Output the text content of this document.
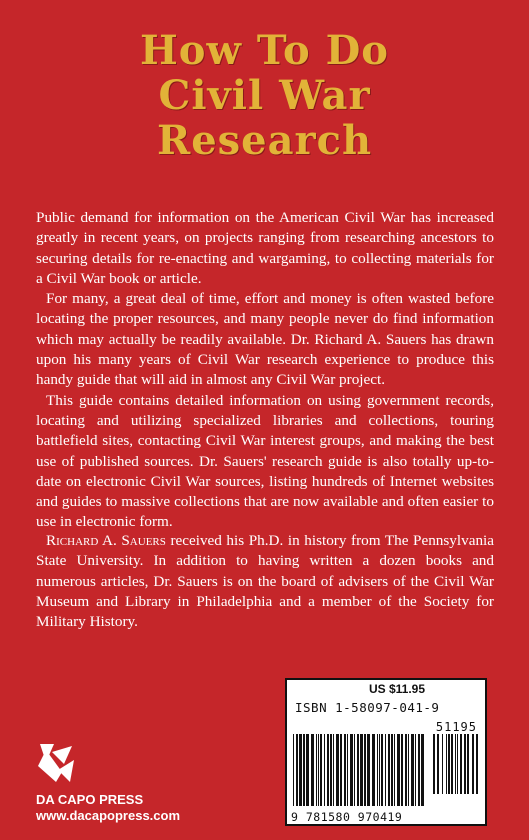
How To Do
Civil War
Research

Public demand for information on the American Civil War has increased greatly in recent years, on projects ranging from researching ancestors to securing details for re-enacting and wargaming, to collecting materials for a Civil War book or article.

For many, a great deal of time, effort and money is often wasted before locating the proper resources, and many people never do find information which may actually be readily available. Dr. Richard A. Sauers has drawn upon his many years of Civil War research experience to produce this handy guide that will aid in almost any Civil War project.

This guide contains detailed information on using government records, locating and utilizing specialized libraries and collections, touring battlefield sites, contacting Civil War interest groups, and making the best use of published sources. Dr. Sauers' research guide is also totally up-to-date on electronic Civil War sources, listing hundreds of Internet websites and guides to massive collections that are now available and often easier to use in electronic form.

Richard A. Sauers received his Ph.D. in history from The Pennsylvania State University. In addition to having written a dozen books and numerous articles, Dr. Sauers is on the board of advisers of the Civil War Museum and Library in Philadelphia and a member of the Society for Military History.
US $11.95
ISBN 1-58097-041-9
51195
9 781580 970419
DA CAPO PRESS
www.dacapopress.com
